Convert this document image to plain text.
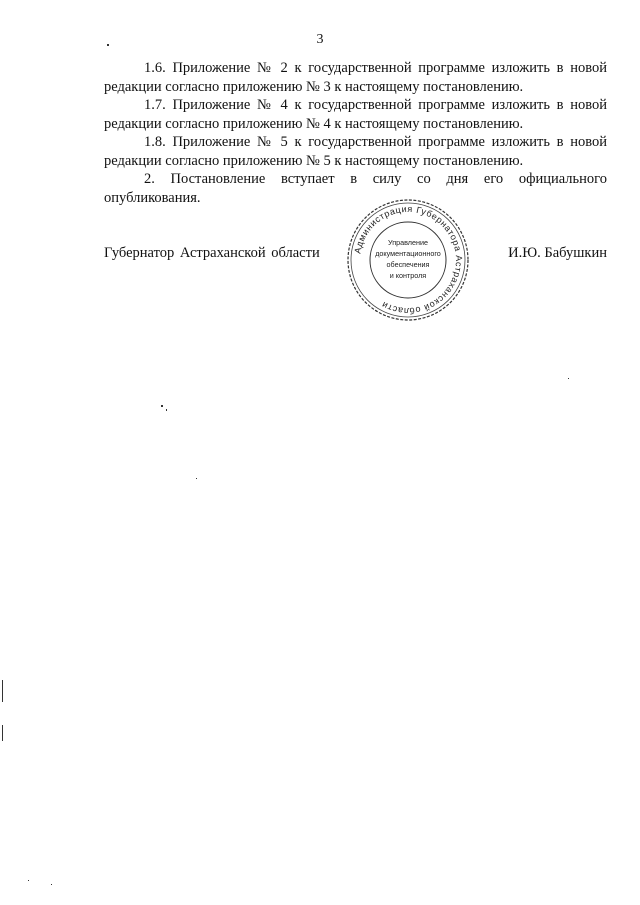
3

1.6. Приложение № 2 к государственной программе изложить в новой редакции согласно приложению № 3 к настоящему постановлению.

1.7. Приложение № 4 к государственной программе изложить в новой редакции согласно приложению № 4 к настоящему постановлению.

1.8. Приложение № 5 к государственной программе изложить в новой редакции согласно приложению № 5 к настоящему постановлению.

2. Постановление вступает в силу со дня его официального опубликования.

Губернатор Астраханской области	И.Ю. Бабушкин
Администрация Губернатора Астраханской области
Управление
документационного
обеспечения
и контроля
